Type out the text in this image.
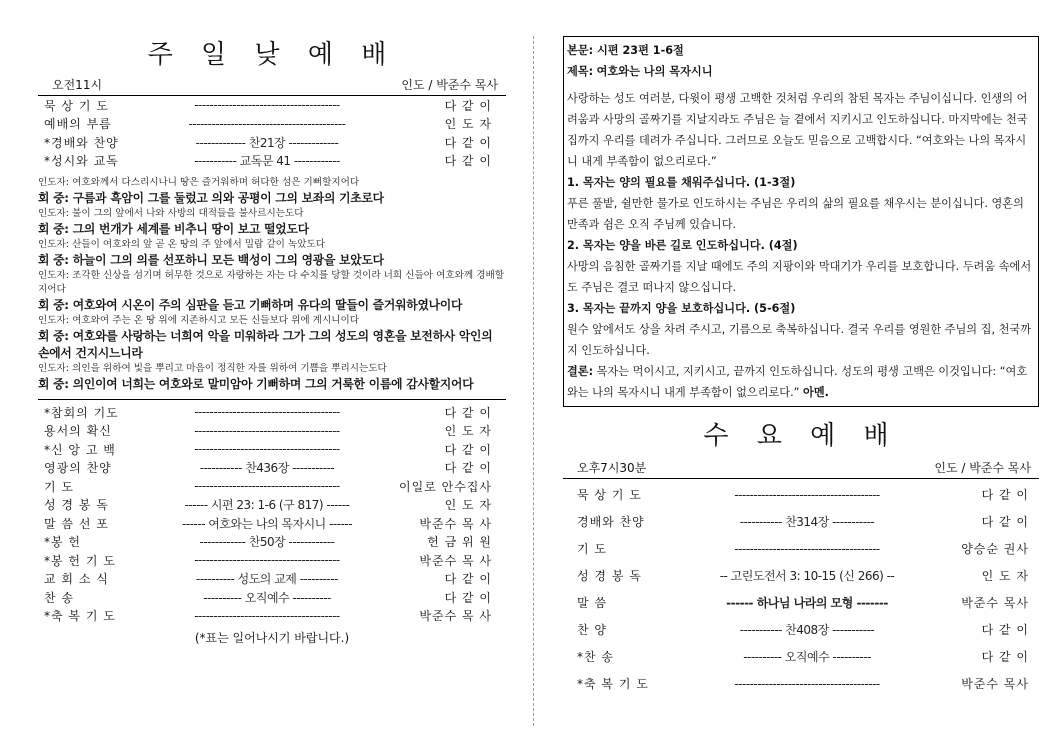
주 일 낮 예 배
오전11시	인도 / 박준수 목사
묵 상 기 도	--------------------------------------	다 같 이
예배의 부름	-----------------------------------------	인 도 자
*경배와 찬양	------------- 찬21장 -------------	다 같 이
*성시와 교독	----------- 교독문 41 ------------	다 같 이
인도자: 여호와께서 다스리시나니 땅은 즐거워하며 허다한 섬은 기뻐할지어다
회 중: 구름과 흑암이 그를 둘렀고 의와 공평이 그의 보좌의 기초로다
인도자: 불이 그의 앞에서 나와 사방의 대적들을 불사르시는도다
회 중: 그의 번개가 세계를 비추니 땅이 보고 떨었도다
인도자: 산들이 여호와의 앞 곧 온 땅의 주 앞에서 밀랍 같이 녹았도다
회 중: 하늘이 그의 의를 선포하니 모든 백성이 그의 영광을 보았도다
인도자: 조각한 신상을 섬기며 허무한 것으로 자랑하는 자는 다 수치를 당할 것이라 너희 신들아 여호와께 경배할지어다
회 중: 여호와여 시온이 주의 심판을 듣고 기뻐하며 유다의 딸들이 즐거워하였나이다
인도자: 여호와여 주는 온 땅 위에 지존하시고 모든 신들보다 위에 계시니이다
회 중: 여호와를 사랑하는 너희여 악을 미워하라 그가 그의 성도의 영혼을 보전하사 악인의 손에서 건지시느니라
인도자: 의인을 위하여 빛을 뿌리고 마음이 정직한 자를 위하여 기쁨을 뿌리시는도다
회 중: 의인이여 너희는 여호와로 말미암아 기뻐하며 그의 거룩한 이름에 감사할지어다
*참회의 기도	--------------------------------------	다 같 이
용서의 확신	--------------------------------------	인 도 자
*신 앙 고 백	--------------------------------------	다 같 이
영광의 찬양	----------- 찬436장 -----------	다 같 이
기 도	--------------------------------------	이일로 안수집사
성 경 봉 독	------ 시편 23: 1-6 (구 817) ------	인 도 자
말 씀 선 포	------ 여호와는 나의 목자시니 ------	박준수 목 사
*봉 헌	------------ 찬50장 ------------	헌 금 위 원
*봉 헌 기 도	--------------------------------------	박준수 목 사
교 회 소 식	---------- 성도의 교제 ----------	다 같 이
찬 송	---------- 오직예수 ----------	다 같 이
*축 복 기 도	--------------------------------------	박준수 목 사
(*표는 일어나시기 바랍니다.)
본문: 시편 23편 1-6절
제목: 여호와는 나의 목자시니

사랑하는 성도 여러분, 다윗이 평생 고백한 것처럼 우리의 참된 목자는 주님이십니다. 인생의 어려움과 사망의 골짜기를 지날지라도 주님은 늘 곁에서 지키시고 인도하십니다. 마지막에는 천국 집까지 우리를 데려가 주십니다. 그러므로 오늘도 믿음으로 고백합시다. “여호와는 나의 목자시니 내게 부족함이 없으리로다.”

1. 목자는 양의 필요를 채워주십니다. (1-3절)

푸른 풀밭, 쉴만한 물가로 인도하시는 주님은 우리의 삶의 필요를 채우시는 분이십니다. 영혼의 만족과 쉼은 오직 주님께 있습니다.

2. 목자는 양을 바른 길로 인도하십니다. (4절)

사망의 음침한 골짜기를 지날 때에도 주의 지팡이와 막대기가 우리를 보호합니다. 두려움 속에서도 주님은 결코 떠나지 않으십니다.

3. 목자는 끝까지 양을 보호하십니다. (5-6절)

원수 앞에서도 상을 차려 주시고, 기름으로 축복하십니다. 결국 우리를 영원한 주님의 집, 천국까지 인도하십니다.

결론: 목자는 먹이시고, 지키시고, 끝까지 인도하십니다. 성도의 평생 고백은 이것입니다: “여호와는 나의 목자시니 내게 부족함이 없으리로다.” 아멘.

수 요 예 배
오후7시30분	인도 / 박준수 목사
묵 상 기 도	--------------------------------------	다 같 이
경배와 찬양	----------- 찬314장 -----------	다 같 이
기 도	--------------------------------------	양승순 권사
성 경 봉 독	-- 고린도전서 3: 10-15 (신 266) --	인 도 자
말 씀	------ 하나님 나라의 모형 -------	박준수 목사
찬 양	----------- 찬408장 -----------	다 같 이
*찬 송	---------- 오직예수 ----------	다 같 이
*축 복 기 도	--------------------------------------	박준수 목사
